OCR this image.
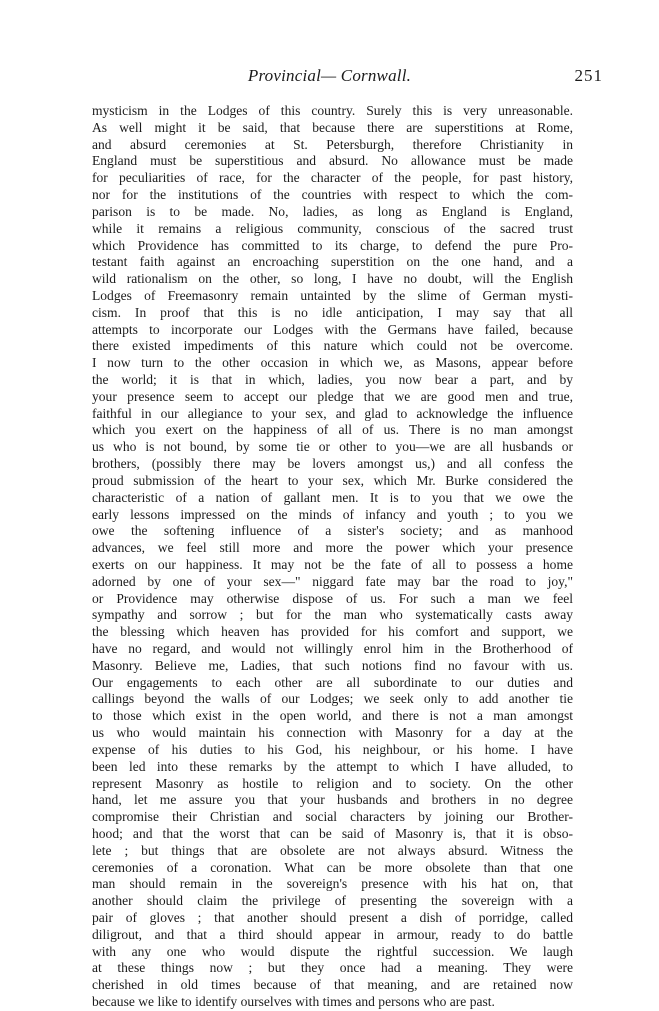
Provincial— Cornwall.	251
mysticism in the Lodges of this country. Surely this is very unreasonable.
As well might it be said, that because there are superstitions at Rome,
and absurd ceremonies at St. Petersburgh, therefore Christianity in
England must be superstitious and absurd. No allowance must be made
for peculiarities of race, for the character of the people, for past history,
nor for the institutions of the countries with respect to which the com-
parison is to be made. No, ladies, as long as England is England,
while it remains a religious community, conscious of the sacred trust
which Providence has committed to its charge, to defend the pure Pro-
testant faith against an encroaching superstition on the one hand, and a
wild rationalism on the other, so long, I have no doubt, will the English
Lodges of Freemasonry remain untainted by the slime of German mysti-
cism. In proof that this is no idle anticipation, I may say that all
attempts to incorporate our Lodges with the Germans have failed, because
there existed impediments of this nature which could not be overcome.
I now turn to the other occasion in which we, as Masons, appear before
the world; it is that in which, ladies, you now bear a part, and by
your presence seem to accept our pledge that we are good men and true,
faithful in our allegiance to your sex, and glad to acknowledge the influence
which you exert on the happiness of all of us. There is no man amongst
us who is not bound, by some tie or other to you—we are all husbands or
brothers, (possibly there may be lovers amongst us,) and all confess the
proud submission of the heart to your sex, which Mr. Burke considered the
characteristic of a nation of gallant men. It is to you that we owe the
early lessons impressed on the minds of infancy and youth ; to you we
owe the softening influence of a sister's society; and as manhood
advances, we feel still more and more the power which your presence
exerts on our happiness. It may not be the fate of all to possess a home
adorned by one of your sex—" niggard fate may bar the road to joy,"
or Providence may otherwise dispose of us. For such a man we feel
sympathy and sorrow ; but for the man who systematically casts away
the blessing which heaven has provided for his comfort and support, we
have no regard, and would not willingly enrol him in the Brotherhood of
Masonry. Believe me, Ladies, that such notions find no favour with us.
Our engagements to each other are all subordinate to our duties and
callings beyond the walls of our Lodges; we seek only to add another tie
to those which exist in the open world, and there is not a man amongst
us who would maintain his connection with Masonry for a day at the
expense of his duties to his God, his neighbour, or his home. I have
been led into these remarks by the attempt to which I have alluded, to
represent Masonry as hostile to religion and to society. On the other
hand, let me assure you that your husbands and brothers in no degree
compromise their Christian and social characters by joining our Brother-
hood; and that the worst that can be said of Masonry is, that it is obso-
lete ; but things that are obsolete are not always absurd. Witness the
ceremonies of a coronation. What can be more obsolete than that one
man should remain in the sovereign's presence with his hat on, that
another should claim the privilege of presenting the sovereign with a
pair of gloves ; that another should present a dish of porridge, called
diligrout, and that a third should appear in armour, ready to do battle
with any one who would dispute the rightful succession. We laugh
at these things now ; but they once had a meaning. They were
cherished in old times because of that meaning, and are retained now
because we like to identify ourselves with times and persons who are past.
